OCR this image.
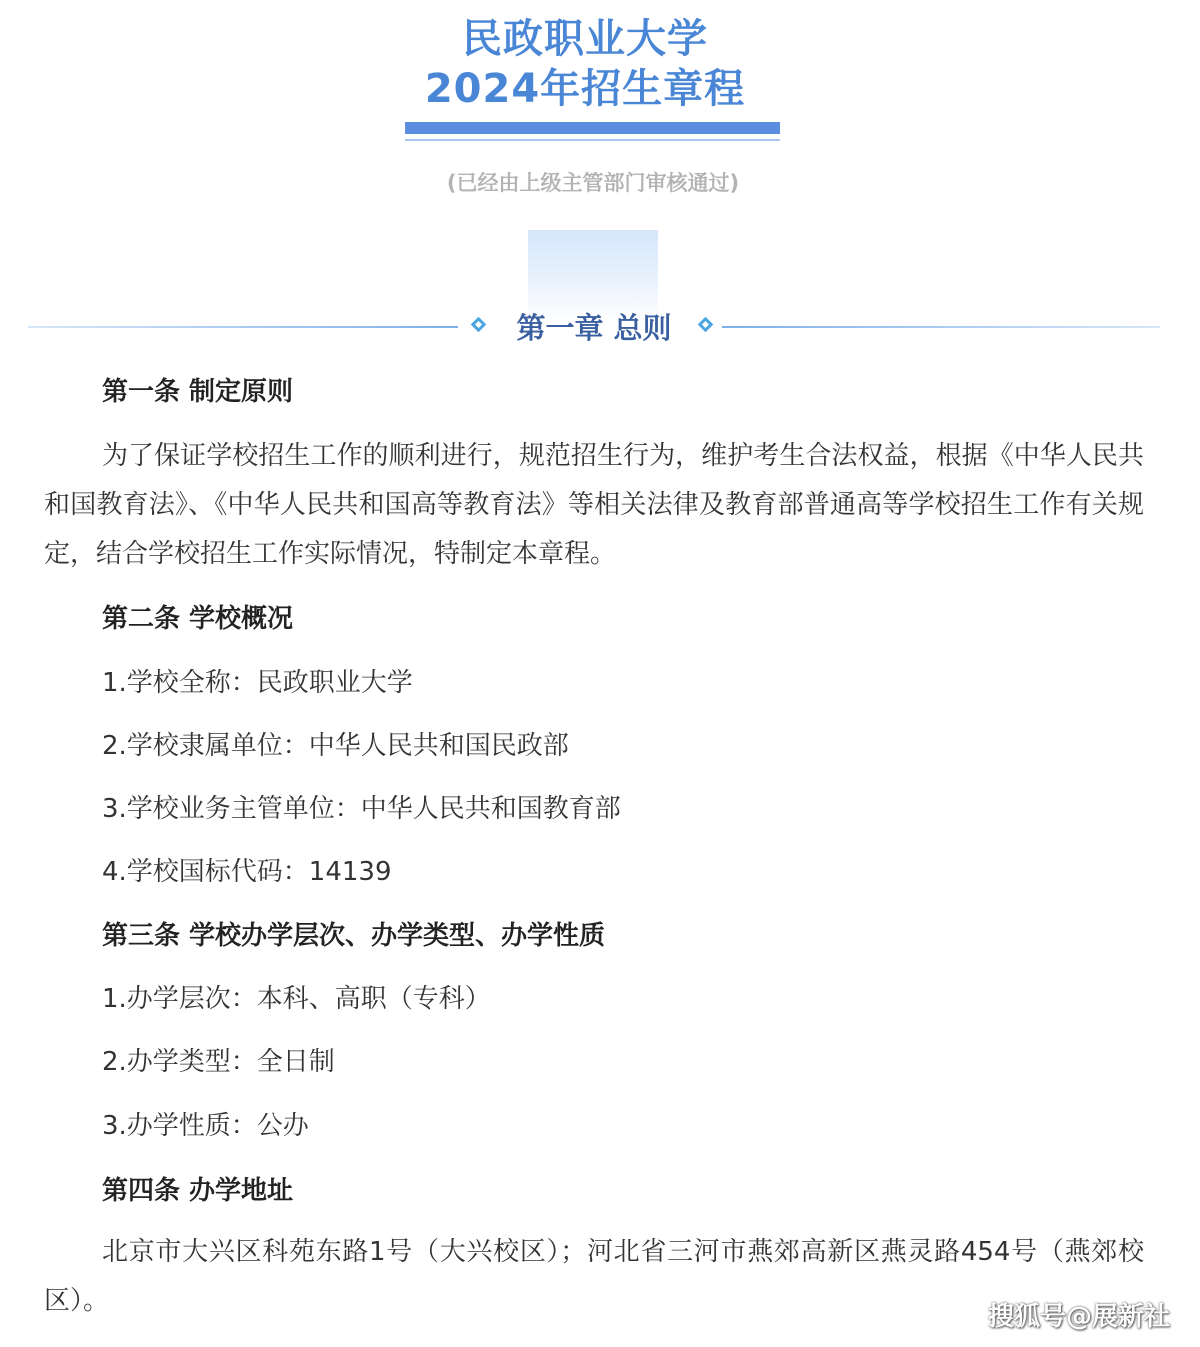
民政职业大学
2024年招生章程
(已经由上级主管部门审核通过)
第一章 总则
第一条 制定原则
为了保证学校招生工作的顺利进行，规范招生行为，维护考生合法权益，根据《中华人民共和国教育法》、《中华人民共和国高等教育法》等相关法律及教育部普通高等学校招生工作有关规定，结合学校招生工作实际情况，特制定本章程。
第二条 学校概况
1.学校全称：民政职业大学
2.学校隶属单位：中华人民共和国民政部
3.学校业务主管单位：中华人民共和国教育部
4.学校国标代码：14139
第三条 学校办学层次、办学类型、办学性质
1.办学层次：本科、高职（专科）
2.办学类型：全日制
3.办学性质：公办
第四条 办学地址
北京市大兴区科苑东路1号（大兴校区）；河北省三河市燕郊高新区燕灵路454号（燕郊校区）。
搜狐号@展新社
